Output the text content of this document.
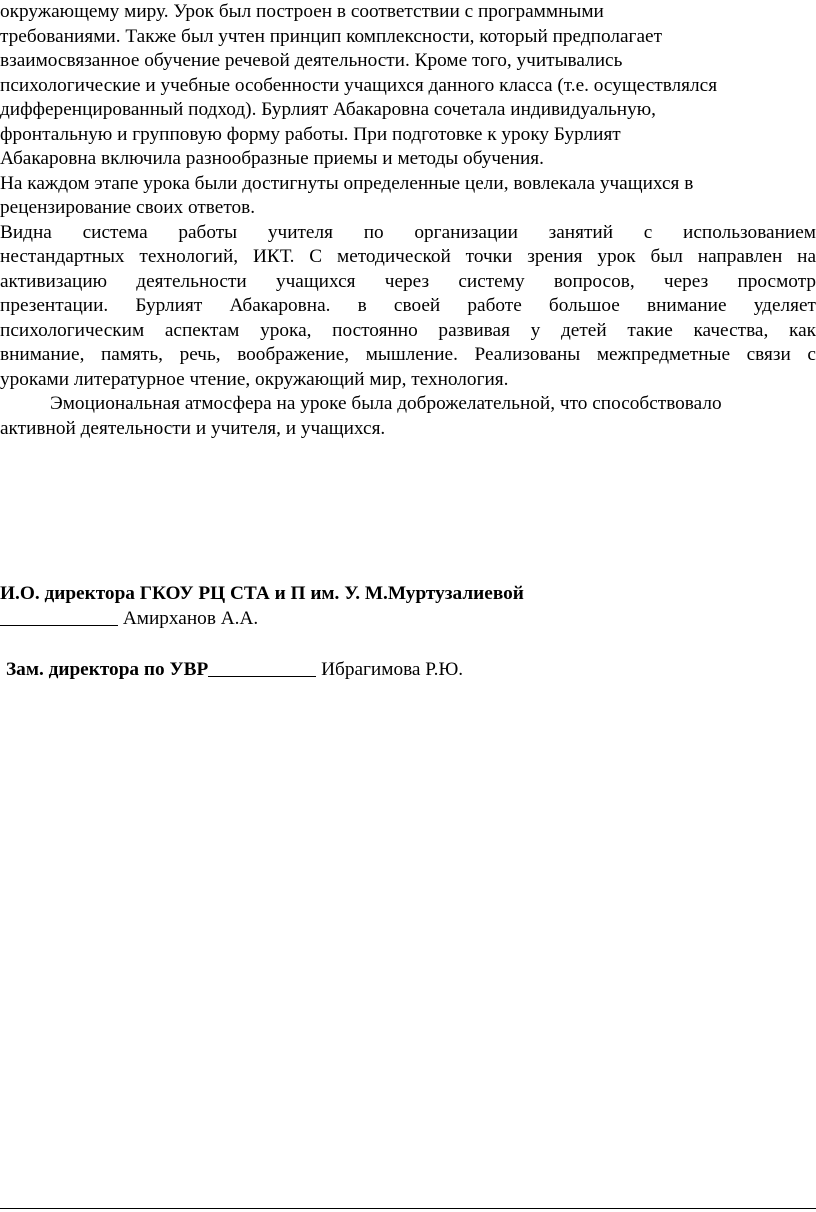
окружающему миру. Урок был построен в соответствии с программными
требованиями. Также был учтен принцип комплексности, который предполагает
взаимосвязанное обучение речевой деятельности. Кроме того, учитывались
психологические и учебные особенности учащихся данного класса (т.е. осуществлялся
дифференцированный подход). Бурлият Абакаровна сочетала индивидуальную,
фронтальную и групповую форму работы. При подготовке к уроку Бурлият
Абакаровна включила разнообразные приемы и методы обучения.
На каждом этапе урока были достигнуты определенные цели, вовлекала учащихся в
рецензирование своих ответов.
Видна система работы учителя по организации занятий с использованием
нестандартных технологий, ИКТ. С методической точки зрения урок был направлен на
активизацию деятельности учащихся через систему вопросов, через просмотр
презентации. Бурлият Абакаровна. в своей работе большое внимание уделяет
психологическим аспектам урока, постоянно развивая у детей такие качества, как
внимание, память, речь, воображение, мышление. Реализованы межпредметные связи с
уроками литературное чтение, окружающий мир, технология.
Эмоциональная атмосфера на уроке была доброжелательной, что способствовало
активной деятельности и учителя, и учащихся.
И.О. директора ГКОУ РЦ СТА и П им. У. М.Муртузалиевой
Амирханов А.А.
Зам. директора по УВР	Ибрагимова Р.Ю.
